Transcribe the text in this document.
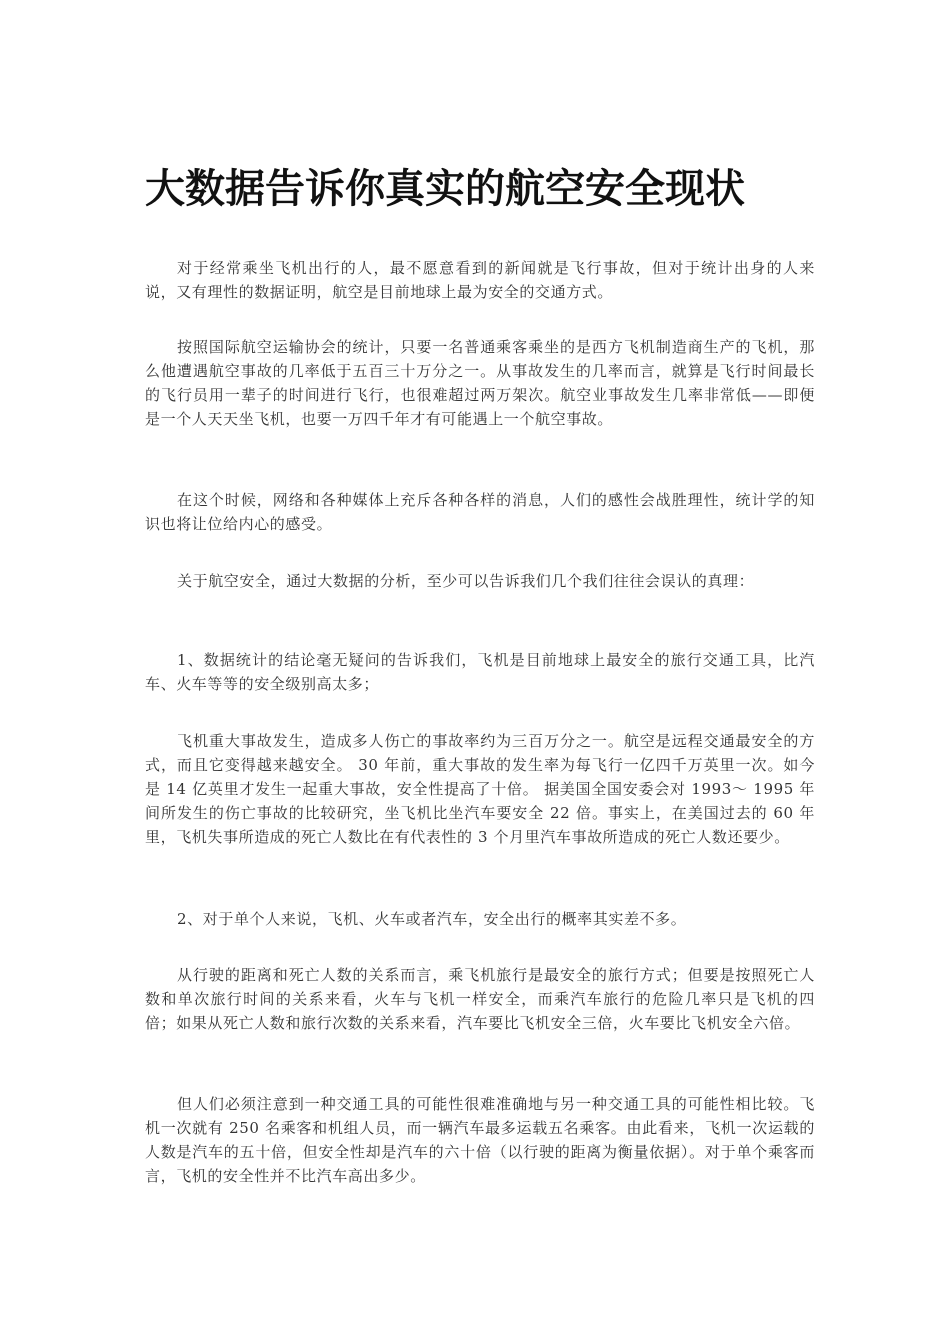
大数据告诉你真实的航空安全现状

对于经常乘坐飞机出行的人，最不愿意看到的新闻就是飞行事故，但对于统计出身的人来说，又有理性的数据证明，航空是目前地球上最为安全的交通方式。

按照国际航空运输协会的统计，只要一名普通乘客乘坐的是西方飞机制造商生产的飞机，那么他遭遇航空事故的几率低于五百三十万分之一。从事故发生的几率而言，就算是飞行时间最长的飞行员用一辈子的时间进行飞行，也很难超过两万架次。航空业事故发生几率非常低——即便是一个人天天坐飞机，也要一万四千年才有可能遇上一个航空事故。

在这个时候，网络和各种媒体上充斥各种各样的消息，人们的感性会战胜理性，统计学的知识也将让位给内心的感受。

关于航空安全，通过大数据的分析，至少可以告诉我们几个我们往往会误认的真理：

1、数据统计的结论毫无疑问的告诉我们，飞机是目前地球上最安全的旅行交通工具，比汽车、火车等等的安全级别高太多；

飞机重大事故发生，造成多人伤亡的事故率约为三百万分之一。航空是远程交通最安全的方式，而且它变得越来越安全。 30 年前，重大事故的发生率为每飞行一亿四千万英里一次。如今是 14 亿英里才发生一起重大事故，安全性提高了十倍。 据美国全国安委会对 1993～ 1995 年间所发生的伤亡事故的比较研究，坐飞机比坐汽车要安全 22 倍。事实上，在美国过去的 60 年里，飞机失事所造成的死亡人数比在有代表性的 3 个月里汽车事故所造成的死亡人数还要少。

2、对于单个人来说，飞机、火车或者汽车，安全出行的概率其实差不多。

从行驶的距离和死亡人数的关系而言，乘飞机旅行是最安全的旅行方式；但要是按照死亡人数和单次旅行时间的关系来看，火车与飞机一样安全，而乘汽车旅行的危险几率只是飞机的四倍；如果从死亡人数和旅行次数的关系来看，汽车要比飞机安全三倍，火车要比飞机安全六倍。

但人们必须注意到一种交通工具的可能性很难准确地与另一种交通工具的可能性相比较。飞机一次就有 250 名乘客和机组人员，而一辆汽车最多运载五名乘客。由此看来，飞机一次运载的人数是汽车的五十倍，但安全性却是汽车的六十倍（以行驶的距离为衡量依据）。对于单个乘客而言，飞机的安全性并不比汽车高出多少。
